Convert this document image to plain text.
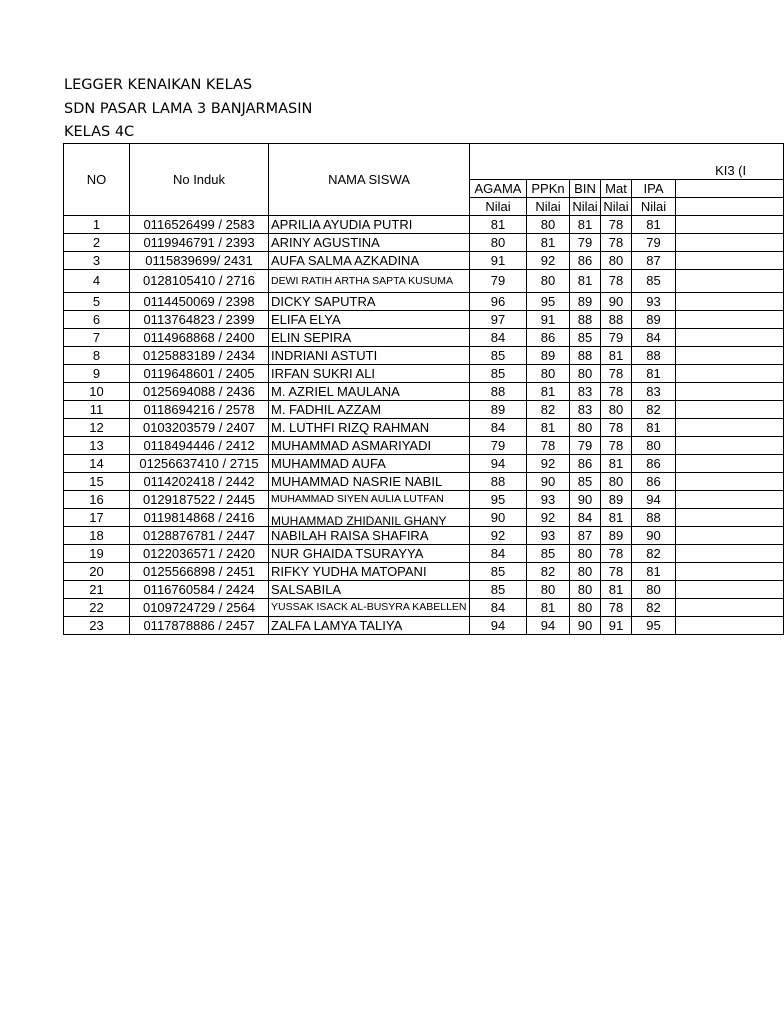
LEGGER KENAIKAN KELAS
SDN PASAR LAMA 3 BANJARMASIN
KELAS 4C
NO	No Induk	NAMA SISWA	KI3 (I					
			AGAMA	PPKn	BIN	Mat	IPA	
			Nilai	Nilai	Nilai	Nilai	Nilai	
1	0116526499 / 2583	APRILIA AYUDIA PUTRI	81	80	81	78	81	
2	0119946791 / 2393	ARINY AGUSTINA	80	81	79	78	79	
3	0115839699/ 2431	AUFA SALMA AZKADINA	91	92	86	80	87	
4	0128105410 / 2716	DEWI RATIH ARTHA SAPTA KUSUMA	79	80	81	78	85	
5	0114450069 / 2398	DICKY SAPUTRA	96	95	89	90	93	
6	0113764823 / 2399	ELIFA ELYA	97	91	88	88	89	
7	0114968868 / 2400	ELIN SEPIRA	84	86	85	79	84	
8	0125883189 / 2434	INDRIANI ASTUTI	85	89	88	81	88	
9	0119648601 / 2405	IRFAN SUKRI ALI	85	80	80	78	81	
10	0125694088 / 2436	M. AZRIEL MAULANA	88	81	83	78	83	
11	0118694216 / 2578	M. FADHIL AZZAM	89	82	83	80	82	
12	0103203579 / 2407	M. LUTHFI RIZQ RAHMAN	84	81	80	78	81	
13	0118494446 / 2412	MUHAMMAD ASMARIYADI	79	78	79	78	80	
14	01256637410 / 2715	MUHAMMAD AUFA	94	92	86	81	86	
15	0114202418 / 2442	MUHAMMAD NASRIE NABIL	88	90	85	80	86	
16	0129187522 / 2445	MUHAMMAD SIYEN AULIA LUTFAN	95	93	90	89	94	
17	0119814868 / 2416	MUHAMMAD ZHIDANIL GHANY	90	92	84	81	88	
18	0128876781 / 2447	NABILAH RAISA SHAFIRA	92	93	87	89	90	
19	0122036571 / 2420	NUR GHAIDA TSURAYYA	84	85	80	78	82	
20	0125566898 / 2451	RIFKY YUDHA MATOPANI	85	82	80	78	81	
21	0116760584 / 2424	SALSABILA	85	80	80	81	80	
22	0109724729 / 2564	YUSSAK ISACK AL-BUSYRA KABELLEN	84	81	80	78	82	
23	0117878886 / 2457	ZALFA LAMYA TALIYA	94	94	90	91	95	
